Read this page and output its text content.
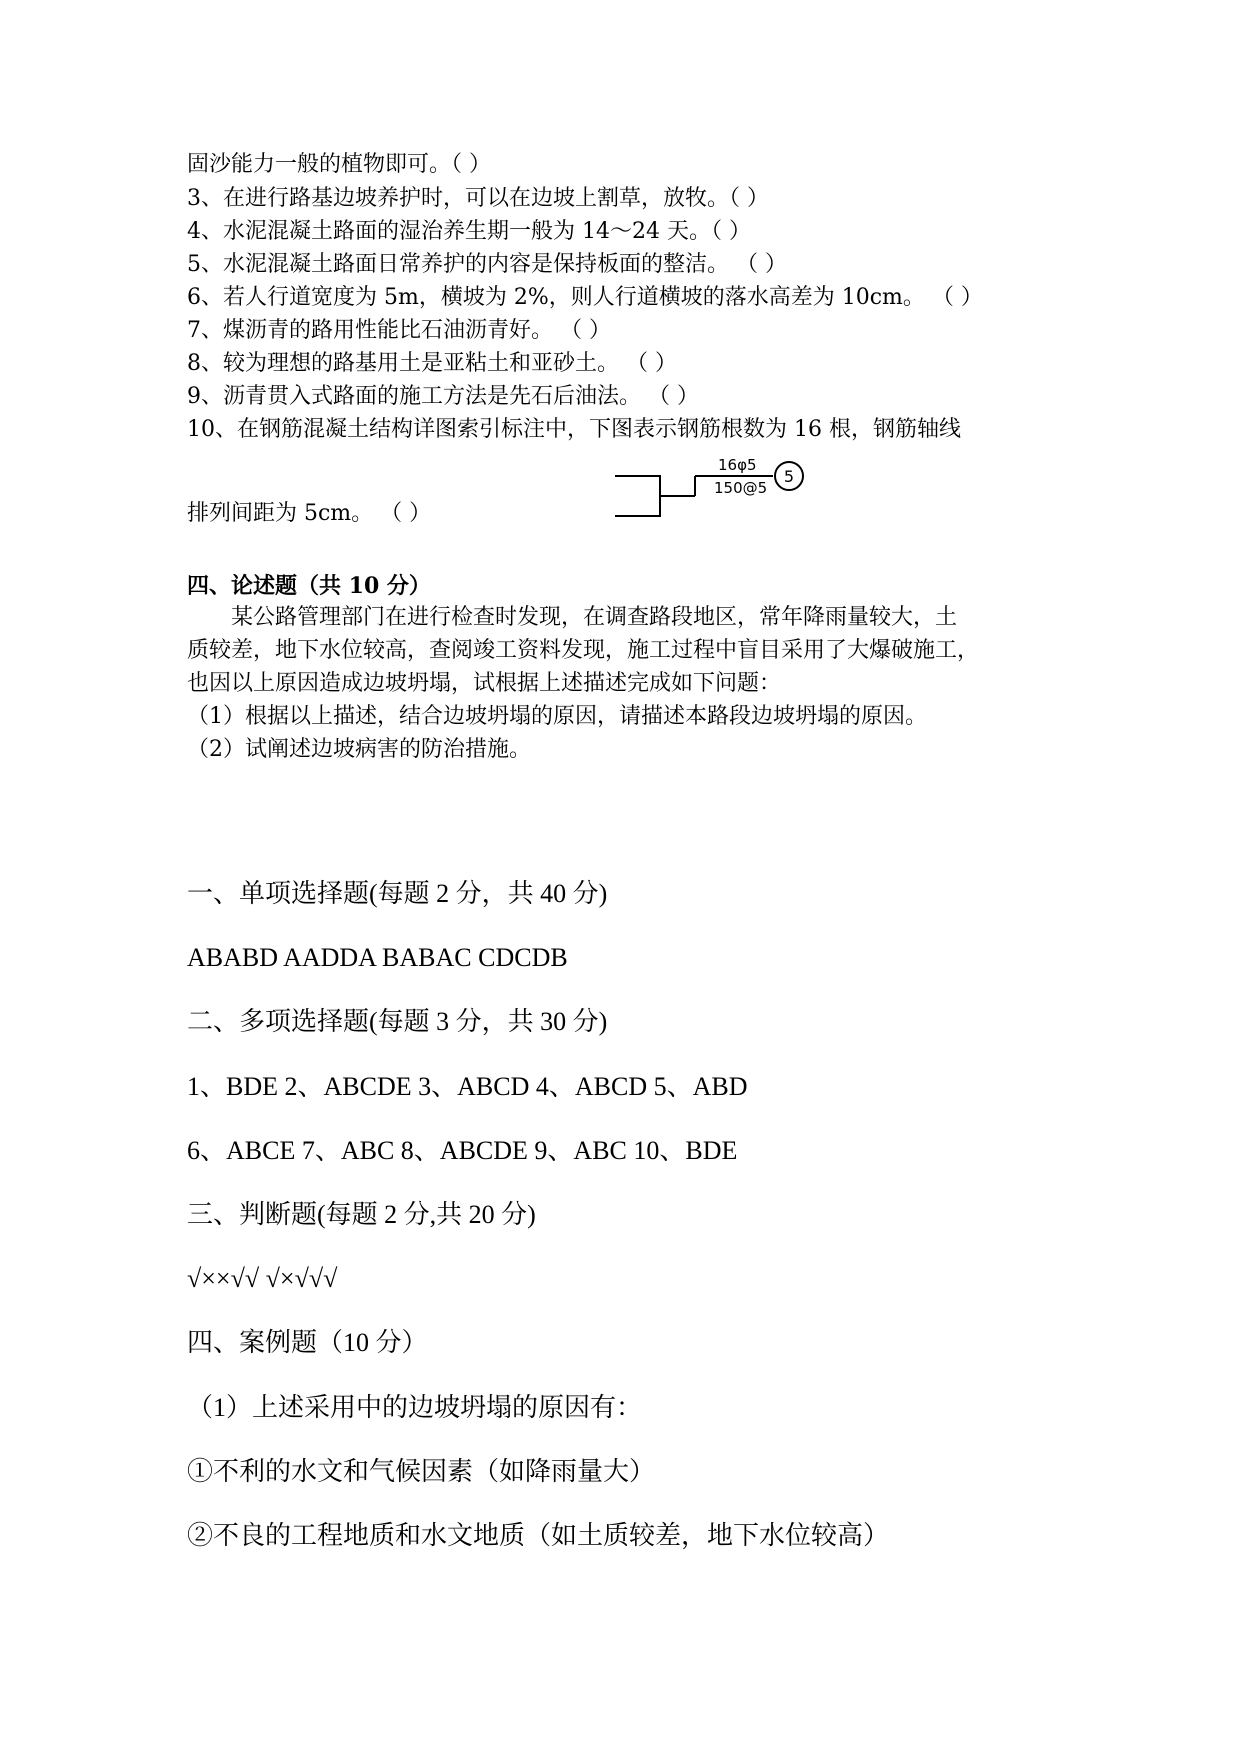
固沙能力一般的植物即可。（ ）
3、在进行路基边坡养护时，可以在边坡上割草，放牧。（ ）
4、水泥混凝土路面的湿治养生期一般为 14～24 天。（ ）
5、水泥混凝土路面日常养护的内容是保持板面的整洁。 （ ）
6、若人行道宽度为 5m，横坡为 2%，则人行道横坡的落水高差为 10cm。 （ ）
7、煤沥青的路用性能比石油沥青好。 （ ）
8、较为理想的路基用土是亚粘土和亚砂土。 （ ）
9、沥青贯入式路面的施工方法是先石后油法。 （ ）
10、在钢筋混凝土结构详图索引标注中，下图表示钢筋根数为 16 根，钢筋轴线
排列间距为 5cm。 （ ）
16φ5
150@5
5
四、论述题（共 10 分）
某公路管理部门在进行检查时发现，在调查路段地区，常年降雨量较大，土
质较差，地下水位较高，查阅竣工资料发现，施工过程中盲目采用了大爆破施工，
也因以上原因造成边坡坍塌，试根据上述描述完成如下问题：
（1）根据以上描述，结合边坡坍塌的原因，请描述本路段边坡坍塌的原因。
（2）试阐述边坡病害的防治措施。
一、单项选择题(每题 2 分，共 40 分)
ABABD AADDA BABAC CDCDB
二、多项选择题(每题 3 分，共 30 分)
1、BDE 2、ABCDE 3、ABCD 4、ABCD 5、ABD
6、ABCE 7、ABC 8、ABCDE 9、ABC 10、BDE
三、判断题(每题 2 分,共 20 分)
√××√√ √×√√√
四、案例题（10 分）
（1）上述采用中的边坡坍塌的原因有：
①不利的水文和气候因素（如降雨量大）
②不良的工程地质和水文地质（如土质较差，地下水位较高）
